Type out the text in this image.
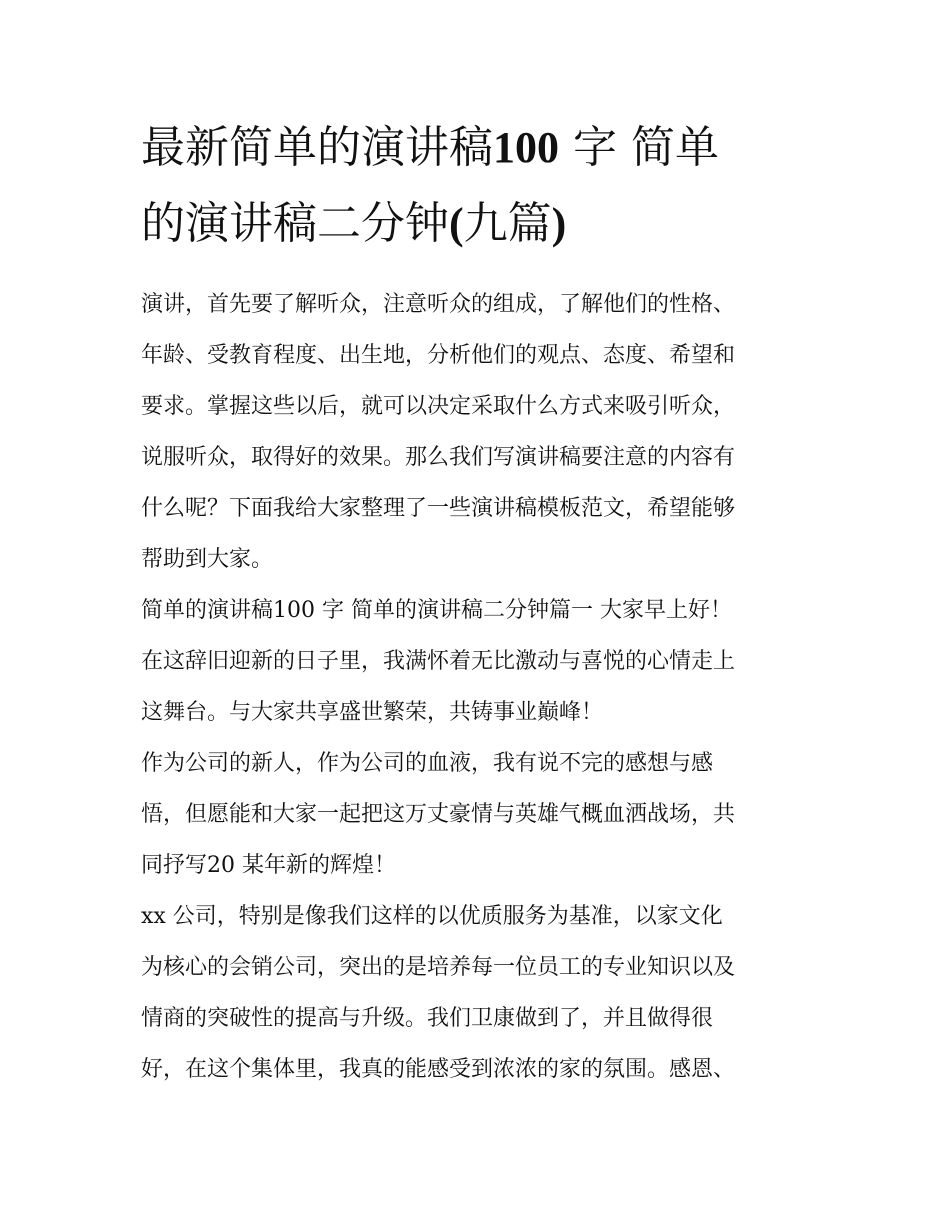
最新简单的演讲稿100 字 简单
的演讲稿二分钟(九篇)
演讲，首先要了解听众，注意听众的组成，了解他们的性格、
年龄、受教育程度、出生地，分析他们的观点、态度、希望和
要求。掌握这些以后，就可以决定采取什么方式来吸引听众，
说服听众，取得好的效果。那么我们写演讲稿要注意的内容有
什么呢？下面我给大家整理了一些演讲稿模板范文，希望能够
帮助到大家。
简单的演讲稿100 字 简单的演讲稿二分钟篇一 大家早上好！
在这辞旧迎新的日子里，我满怀着无比激动与喜悦的心情走上
这舞台。与大家共享盛世繁荣，共铸事业巅峰！
作为公司的新人，作为公司的血液，我有说不完的感想与感
悟，但愿能和大家一起把这万丈豪情与英雄气概血洒战场，共
同抒写20 某年新的辉煌！
xx 公司，特别是像我们这样的以优质服务为基准，以家文化
为核心的会销公司，突出的是培养每一位员工的专业知识以及
情商的突破性的提高与升级。我们卫康做到了，并且做得很
好，在这个集体里，我真的能感受到浓浓的家的氛围。感恩、
